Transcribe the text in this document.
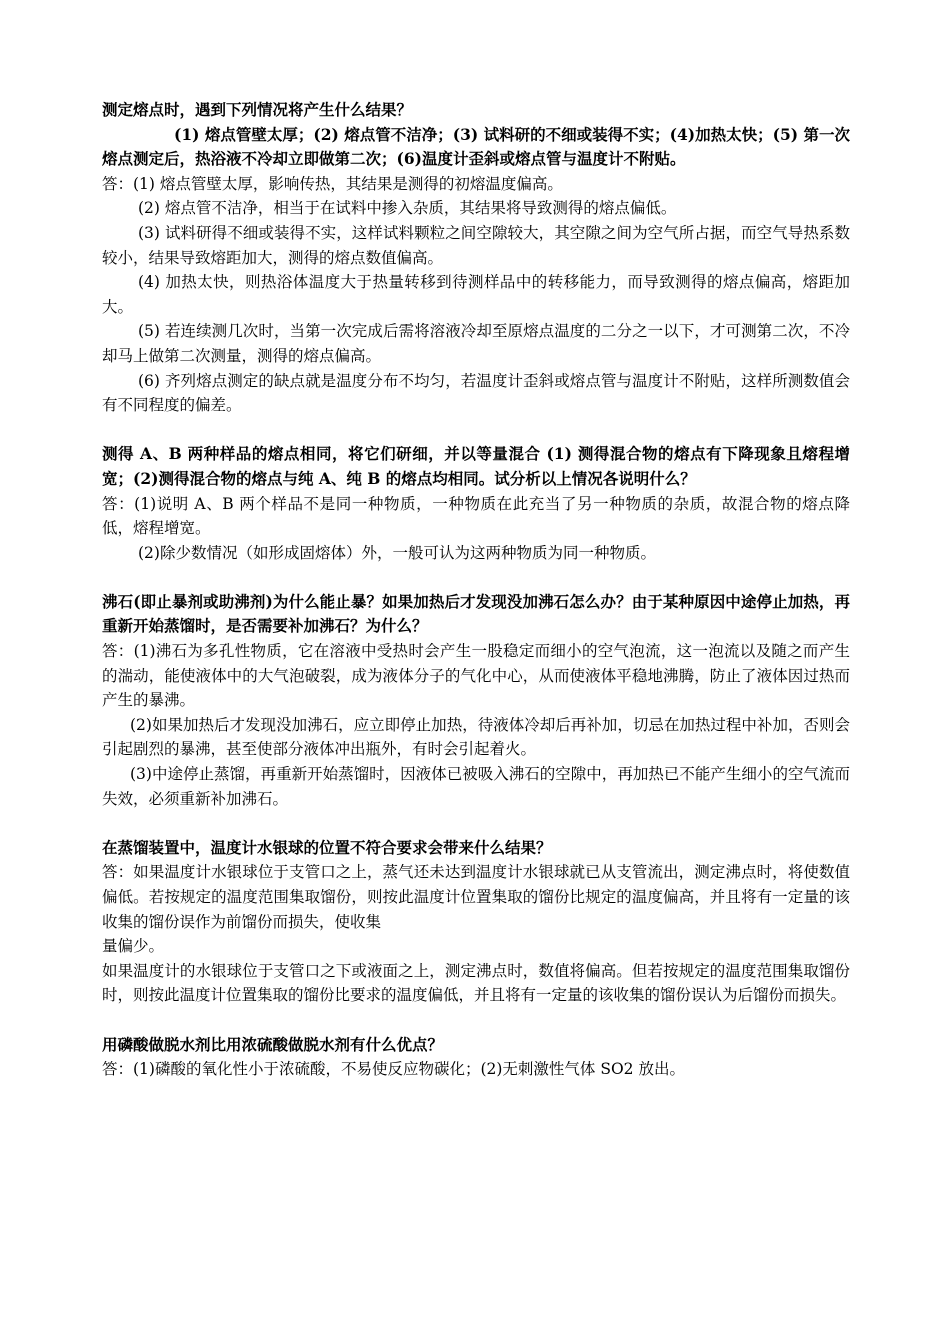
测定熔点时，遇到下列情况将产生什么结果？
(1) 熔点管壁太厚；(2) 熔点管不洁净；(3) 试料研的不细或装得不实；(4)加热太快；(5) 第一次熔点测定后，热浴液不冷却立即做第二次；(6)温度计歪斜或熔点管与温度计不附贴。
答：(1) 熔点管壁太厚，影响传热，其结果是测得的初熔温度偏高。
(2) 熔点管不洁净，相当于在试料中掺入杂质，其结果将导致测得的熔点偏低。
(3) 试料研得不细或装得不实，这样试料颗粒之间空隙较大，其空隙之间为空气所占据，而空气导热系数较小，结果导致熔距加大，测得的熔点数值偏高。
(4) 加热太快，则热浴体温度大于热量转移到待测样品中的转移能力，而导致测得的熔点偏高，熔距加大。
(5) 若连续测几次时，当第一次完成后需将溶液冷却至原熔点温度的二分之一以下，才可测第二次，不冷却马上做第二次测量，测得的熔点偏高。
(6) 齐列熔点测定的缺点就是温度分布不均匀，若温度计歪斜或熔点管与温度计不附贴，这样所测数值会有不同程度的偏差。
测得 A、B 两种样品的熔点相同，将它们研细，并以等量混合 (1) 测得混合物的熔点有下降现象且熔程增宽；(2)测得混合物的熔点与纯 A、纯 B 的熔点均相同。试分析以上情况各说明什么？
答：(1)说明 A、B 两个样品不是同一种物质，一种物质在此充当了另一种物质的杂质，故混合物的熔点降低，熔程增宽。
(2)除少数情况（如形成固熔体）外，一般可认为这两种物质为同一种物质。
沸石(即止暴剂或助沸剂)为什么能止暴？如果加热后才发现没加沸石怎么办？由于某种原因中途停止加热，再重新开始蒸馏时，是否需要补加沸石？为什么？
答：(1)沸石为多孔性物质，它在溶液中受热时会产生一股稳定而细小的空气泡流，这一泡流以及随之而产生的湍动，能使液体中的大气泡破裂，成为液体分子的气化中心，从而使液体平稳地沸腾，防止了液体因过热而产生的暴沸。
(2)如果加热后才发现没加沸石，应立即停止加热，待液体冷却后再补加，切忌在加热过程中补加，否则会引起剧烈的暴沸，甚至使部分液体冲出瓶外，有时会引起着火。
(3)中途停止蒸馏，再重新开始蒸馏时，因液体已被吸入沸石的空隙中，再加热已不能产生细小的空气流而失效，必须重新补加沸石。
在蒸馏装置中，温度计水银球的位置不符合要求会带来什么结果？
答：如果温度计水银球位于支管口之上，蒸气还未达到温度计水银球就已从支管流出，测定沸点时，将使数值偏低。若按规定的温度范围集取馏份，则按此温度计位置集取的馏份比规定的温度偏高，并且将有一定量的该收集的馏份误作为前馏份而损失，使收集
量偏少。
如果温度计的水银球位于支管口之下或液面之上，测定沸点时，数值将偏高。但若按规定的温度范围集取馏份时，则按此温度计位置集取的馏份比要求的温度偏低，并且将有一定量的该收集的馏份误认为后馏份而损失。
用磷酸做脱水剂比用浓硫酸做脱水剂有什么优点？
答：(1)磷酸的氧化性小于浓硫酸，不易使反应物碳化；(2)无刺激性气体 SO2 放出。
